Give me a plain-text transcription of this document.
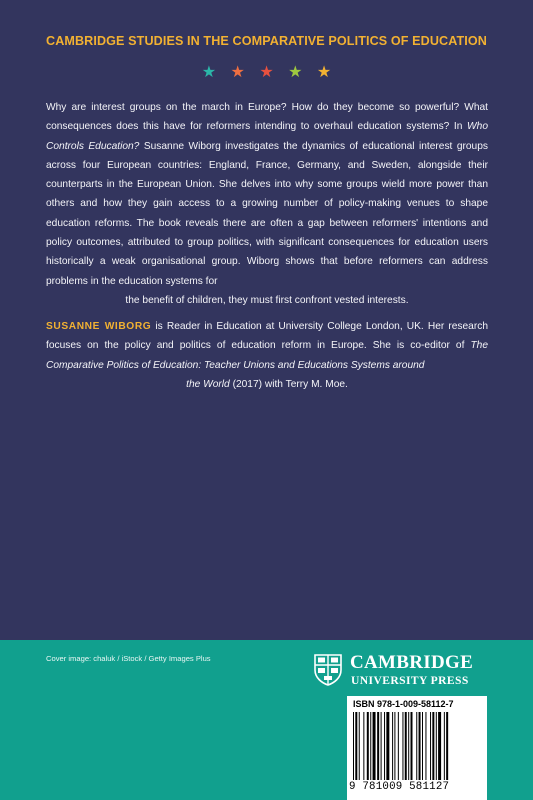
CAMBRIDGE STUDIES IN THE COMPARATIVE POLITICS OF EDUCATION
★ ★ ★ ★ ★
Why are interest groups on the march in Europe? How do they become so powerful? What consequences does this have for reformers intending to overhaul education systems? In Who Controls Education? Susanne Wiborg investigates the dynamics of educational interest groups across four European countries: England, France, Germany, and Sweden, alongside their counterparts in the European Union. She delves into why some groups wield more power than others and how they gain access to a growing number of policy-making venues to shape education reforms. The book reveals there are often a gap between reformers' intentions and policy outcomes, attributed to group politics, with significant consequences for education users historically a weak organisational group. Wiborg shows that before reformers can address problems in the education systems for
the benefit of children, they must first confront vested interests.
SUSANNE WIBORG is Reader in Education at University College London, UK. Her research focuses on the policy and politics of education reform in Europe. She is co-editor of The Comparative Politics of Education: Teacher Unions and Educations Systems around
the World (2017) with Terry M. Moe.
Cover image: chaluk / iStock / Getty Images Plus	CAMBRIDGE
UNIVERSITY PRESS
ISBN 978-1-009-58112-7
9 781009 581127
